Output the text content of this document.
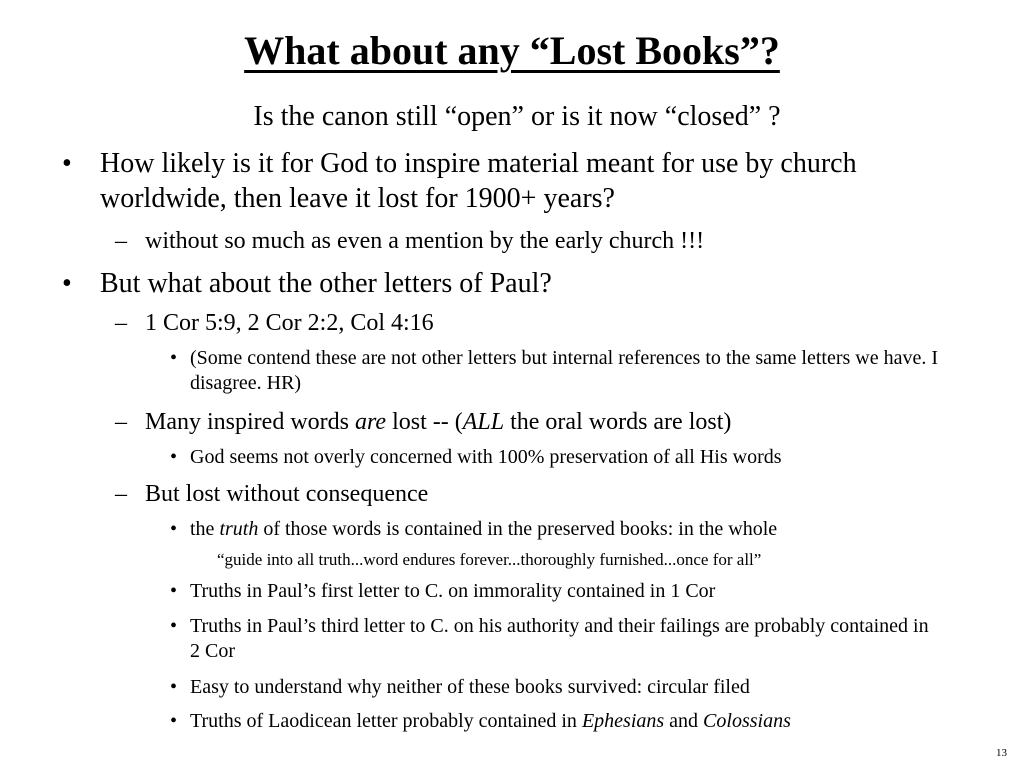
What about any “Lost Books”?
Is the canon still “open” or is it now “closed” ?
• How likely is it for God to inspire material meant for use by church worldwide, then leave it lost for 1900+ years?
– without so much as even a mention by the early church !!!
• But what about the other letters of Paul?
– 1 Cor 5:9, 2 Cor 2:2, Col 4:16
• (Some contend these are not other letters but internal references to the same letters we have. I disagree. HR)
– Many inspired words are lost -- (ALL the oral words are lost)
• God seems not overly concerned with 100% preservation of all His words
– But lost without consequence
• the truth of those words is contained in the preserved books: in the whole
“guide into all truth...word endures forever...thoroughly furnished...once for all”
• Truths in Paul’s first letter to C. on immorality contained in 1 Cor
• Truths in Paul’s third letter to C. on his authority and their failings are probably contained in 2 Cor
• Easy to understand why neither of these books survived: circular filed
• Truths of Laodicean letter probably contained in Ephesians and Colossians
13
